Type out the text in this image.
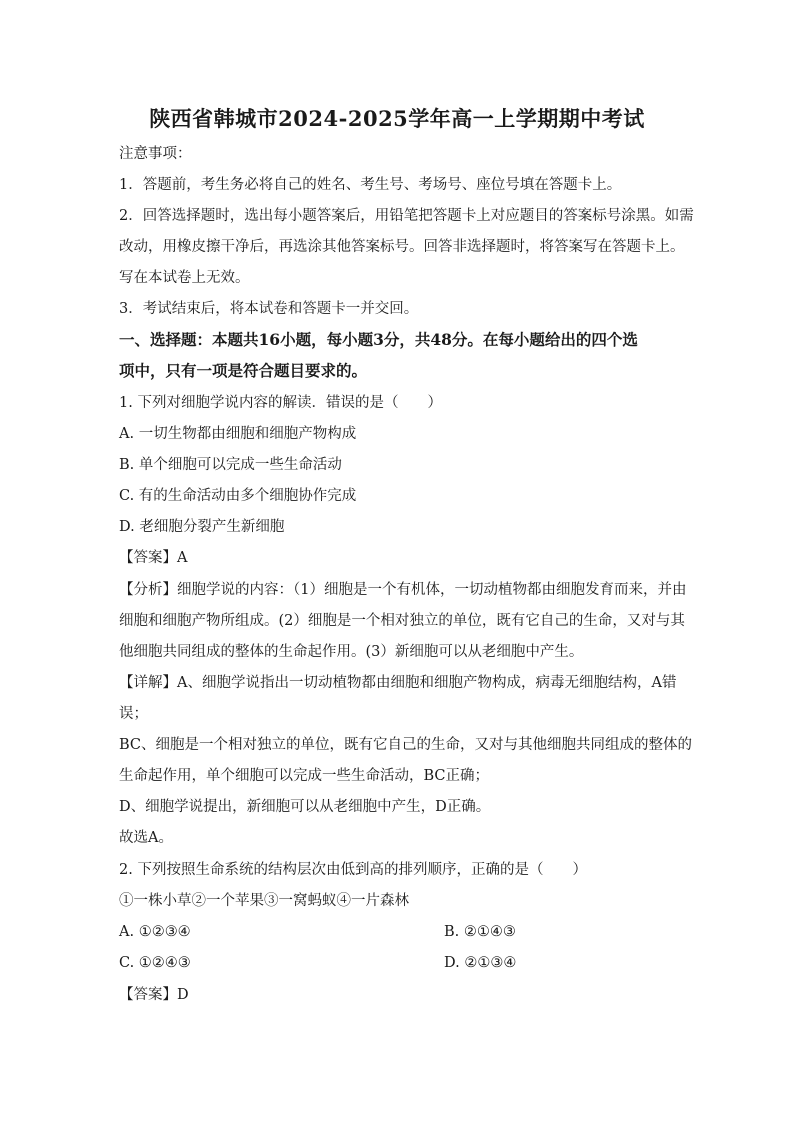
陕西省韩城市2024-2025学年高一上学期期中考试
注意事项：
1．答题前，考生务必将自己的姓名、考生号、考场号、座位号填在答题卡上。
2．回答选择题时，选出每小题答案后，用铅笔把答题卡上对应题目的答案标号涂黑。如需
改动，用橡皮擦干净后，再选涂其他答案标号。回答非选择题时，将答案写在答题卡上。
写在本试卷上无效。
3．考试结束后，将本试卷和答题卡一并交回。
一、选择题：本题共16小题，每小题3分，共48分。在每小题给出的四个选
项中，只有一项是符合题目要求的。
1. 下列对细胞学说内容的解读．错误的是（　　）
A. 一切生物都由细胞和细胞产物构成
B. 单个细胞可以完成一些生命活动
C. 有的生命活动由多个细胞协作完成
D. 老细胞分裂产生新细胞
【答案】A
【分析】细胞学说的内容：（1）细胞是一个有机体，一切动植物都由细胞发育而来，并由
细胞和细胞产物所组成。(2）细胞是一个相对独立的单位，既有它自己的生命，又对与其
他细胞共同组成的整体的生命起作用。(3）新细胞可以从老细胞中产生。
【详解】A、细胞学说指出一切动植物都由细胞和细胞产物构成，病毒无细胞结构，A错
误；
BC、细胞是一个相对独立的单位，既有它自己的生命，又对与其他细胞共同组成的整体的
生命起作用，单个细胞可以完成一些生命活动，BC正确；
D、细胞学说提出，新细胞可以从老细胞中产生，D正确。
故选A。
2. 下列按照生命系统的结构层次由低到高的排列顺序，正确的是（　　）
①一株小草②一个苹果③一窝蚂蚁④一片森林
A. ①②③④	B. ②①④③
C. ①②④③	D. ②①③④
【答案】D
